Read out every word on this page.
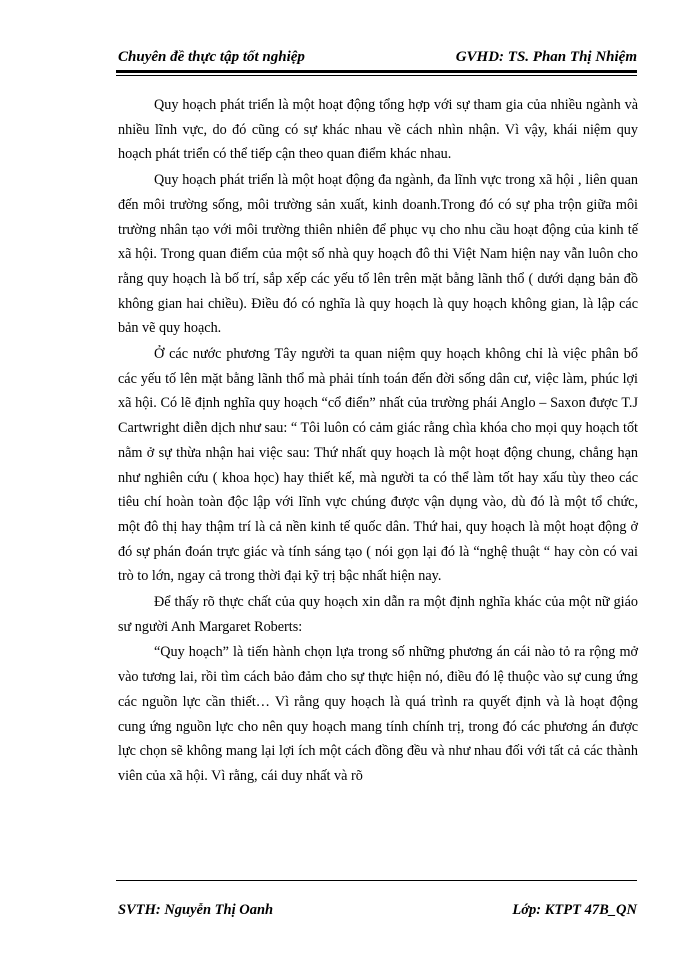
Chuyên đề thực tập tốt nghiệp	GVHD: TS. Phan Thị Nhiệm

Quy hoạch phát triển là một hoạt động tổng hợp với sự tham gia của nhiều ngành và nhiều lĩnh vực, do đó cũng có sự khác nhau về cách nhìn nhận. Vì vậy, khái niệm quy hoạch phát triển có thể tiếp cận theo quan điểm khác nhau.

Quy hoạch phát triển là một hoạt động đa ngành, đa lĩnh vực trong xã hội , liên quan đến môi trường sống, môi trường sản xuất, kinh doanh.Trong đó có sự pha trộn giữa môi trường nhân tạo với môi trường thiên nhiên để phục vụ cho nhu cầu hoạt động của kinh tế xã hội. Trong quan điểm của một số nhà quy hoạch đô thi Việt Nam hiện nay vẫn luôn cho rằng quy hoạch là bố trí, sắp xếp các yếu tố lên trên mặt bằng lãnh thổ ( dưới dạng bản đồ không gian hai chiều). Điều đó có nghĩa là quy hoạch là quy hoạch không gian, là lập các bản vẽ quy hoạch.

Ở các nước phương Tây người ta quan niệm quy hoạch không chỉ là việc phân bổ các yếu tố lên mặt bằng lãnh thổ mà phải tính toán đến đời sống dân cư, việc làm, phúc lợi xã hội. Có lẽ định nghĩa quy hoạch “cổ điển” nhất của trường phái Anglo – Saxon được T.J Cartwright diễn dịch như sau: “ Tôi luôn có cảm giác rằng chìa khóa cho mọi quy hoạch tốt nằm ở sự thừa nhận hai việc sau: Thứ nhất quy hoạch là một hoạt động chung, chẳng hạn như nghiên cứu ( khoa học) hay thiết kế, mà người ta có thể làm tốt hay xấu tùy theo các tiêu chí hoàn toàn độc lập với lĩnh vực chúng được vận dụng vào, dù đó là một tổ chức, một đô thị hay thậm trí là cả nền kinh tế quốc dân. Thứ hai, quy hoạch là một hoạt động ở đó sự phán đoán trực giác và tính sáng tạo ( nói gọn lại đó là “nghệ thuật “ hay còn có vai trò to lớn, ngay cả trong thời đại kỹ trị bậc nhất hiện nay.

Để thấy rõ thực chất của quy hoạch xin dẫn ra một định nghĩa khác của một nữ giáo sư người Anh Margaret Roberts:

“Quy hoạch” là tiến hành chọn lựa trong số những phương án cái nào tỏ ra rộng mở vào tương lai, rồi tìm cách bảo đảm cho sự thực hiện nó, điều đó lệ thuộc vào sự cung ứng các nguồn lực cần thiết… Vì rằng quy hoạch là quá trình ra quyết định và là hoạt động cung ứng nguồn lực cho nên quy hoạch mang tính chính trị, trong đó các phương án được lực chọn sẽ không mang lại lợi ích một cách đồng đều và như nhau đối với tất cả các thành viên của xã hội. Vì rằng, cái duy nhất và rõ

SVTH: Nguyễn Thị Oanh	Lớp: KTPT 47B_QN
